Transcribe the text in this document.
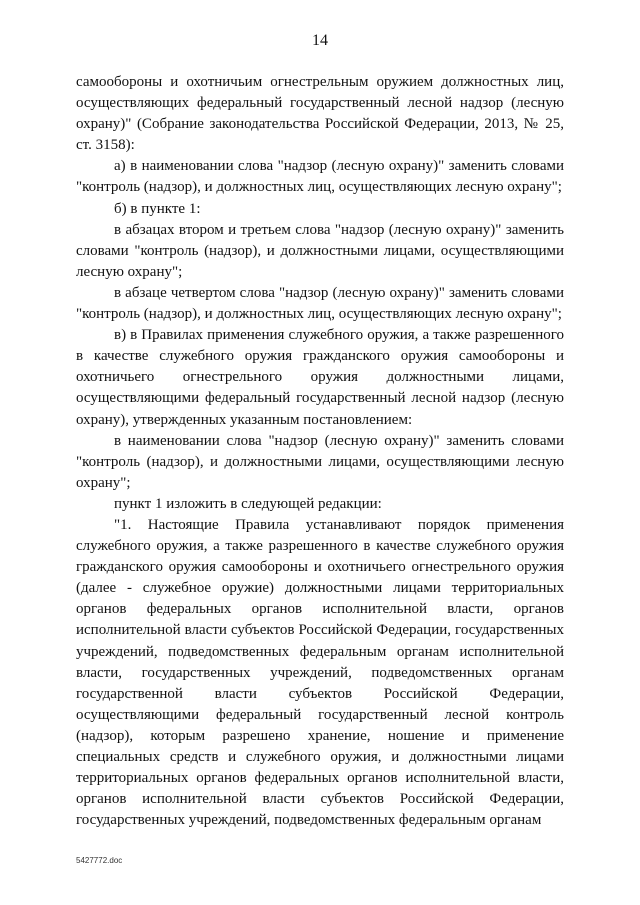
14

самообороны и охотничьим огнестрельным оружием должностных лиц, осуществляющих федеральный государственный лесной надзор (лесную охрану)" (Собрание законодательства Российской Федерации, 2013, № 25, ст. 3158):

а) в наименовании слова "надзор (лесную охрану)" заменить словами "контроль (надзор), и должностных лиц, осуществляющих лесную охрану";

б) в пункте 1:

в абзацах втором и третьем слова "надзор (лесную охрану)" заменить словами "контроль (надзор), и должностными лицами, осуществляющими лесную охрану";

в абзаце четвертом слова "надзор (лесную охрану)" заменить словами "контроль (надзор), и должностных лиц, осуществляющих лесную охрану";

в) в Правилах применения служебного оружия, а также разрешенного в качестве служебного оружия гражданского оружия самообороны и охотничьего огнестрельного оружия должностными лицами, осуществляющими федеральный государственный лесной надзор (лесную охрану), утвержденных указанным постановлением:

в наименовании слова "надзор (лесную охрану)" заменить словами "контроль (надзор), и должностными лицами, осуществляющими лесную охрану";

пункт 1 изложить в следующей редакции:

"1. Настоящие Правила устанавливают порядок применения служебного оружия, а также разрешенного в качестве служебного оружия гражданского оружия самообороны и охотничьего огнестрельного оружия (далее - служебное оружие) должностными лицами территориальных органов федеральных органов исполнительной власти, органов исполнительной власти субъектов Российской Федерации, государственных учреждений, подведомственных федеральным органам исполнительной власти, государственных учреждений, подведомственных органам государственной власти субъектов Российской Федерации, осуществляющими федеральный государственный лесной контроль (надзор), которым разрешено хранение, ношение и применение специальных средств и служебного оружия, и должностными лицами территориальных органов федеральных органов исполнительной власти, органов исполнительной власти субъектов Российской Федерации, государственных учреждений, подведомственных федеральным органам

5427772.doc
